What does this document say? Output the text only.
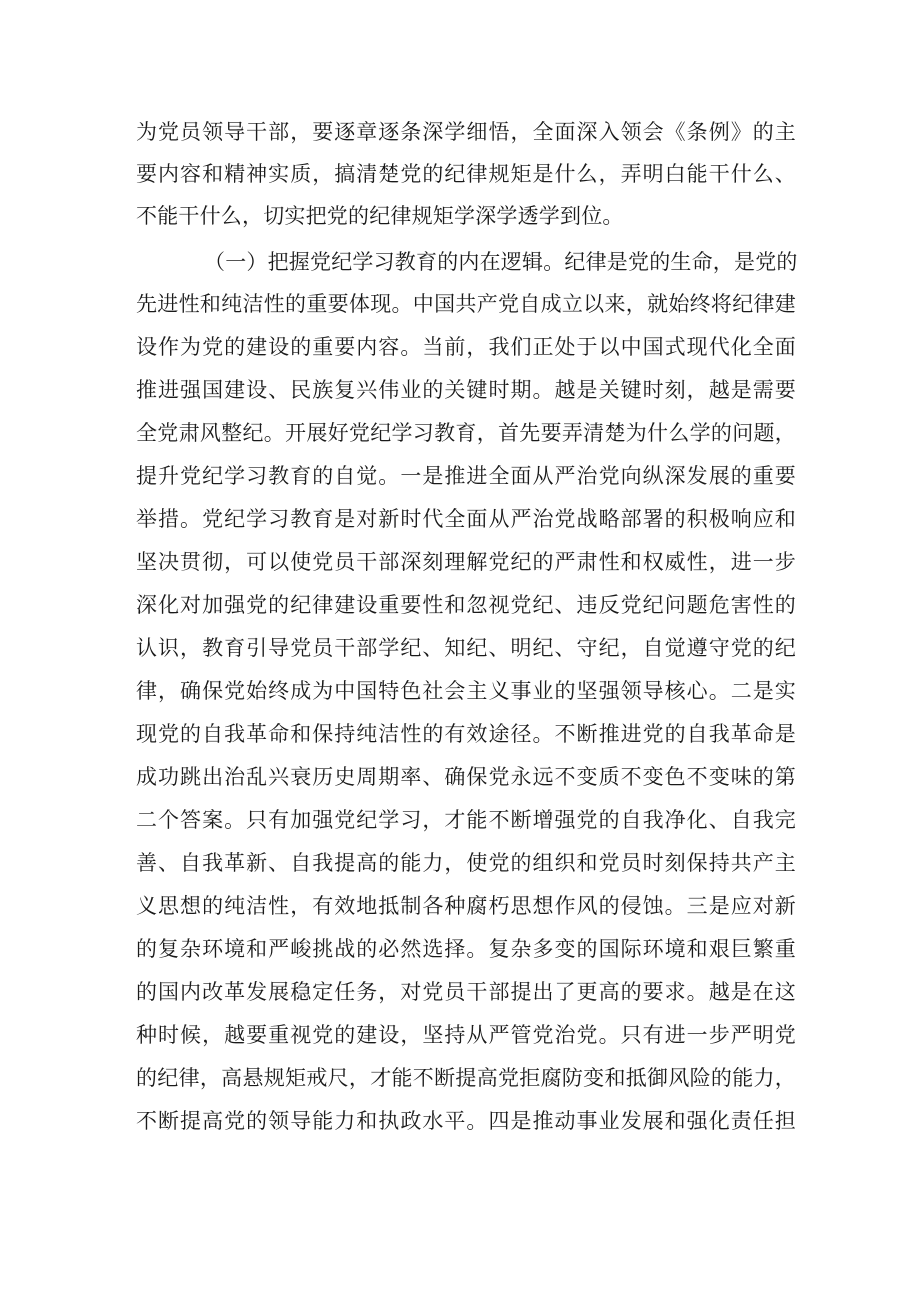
为党员领导干部，要逐章逐条深学细悟，全面深入领会《条例》的主
要内容和精神实质，搞清楚党的纪律规矩是什么，弄明白能干什么、
不能干什么，切实把党的纪律规矩学深学透学到位。
（一）把握党纪学习教育的内在逻辑。纪律是党的生命，是党的
先进性和纯洁性的重要体现。中国共产党自成立以来，就始终将纪律建
设作为党的建设的重要内容。当前，我们正处于以中国式现代化全面
推进强国建设、民族复兴伟业的关键时期。越是关键时刻，越是需要
全党肃风整纪。开展好党纪学习教育，首先要弄清楚为什么学的问题，
提升党纪学习教育的自觉。一是推进全面从严治党向纵深发展的重要
举措。党纪学习教育是对新时代全面从严治党战略部署的积极响应和
坚决贯彻，可以使党员干部深刻理解党纪的严肃性和权威性，进一步
深化对加强党的纪律建设重要性和忽视党纪、违反党纪问题危害性的
认识，教育引导党员干部学纪、知纪、明纪、守纪，自觉遵守党的纪
律，确保党始终成为中国特色社会主义事业的坚强领导核心。二是实
现党的自我革命和保持纯洁性的有效途径。不断推进党的自我革命是
成功跳出治乱兴衰历史周期率、确保党永远不变质不变色不变味的第
二个答案。只有加强党纪学习，才能不断增强党的自我净化、自我完
善、自我革新、自我提高的能力，使党的组织和党员时刻保持共产主
义思想的纯洁性，有效地抵制各种腐朽思想作风的侵蚀。三是应对新
的复杂环境和严峻挑战的必然选择。复杂多变的国际环境和艰巨繁重
的国内改革发展稳定任务，对党员干部提出了更高的要求。越是在这
种时候，越要重视党的建设，坚持从严管党治党。只有进一步严明党
的纪律，高悬规矩戒尺，才能不断提高党拒腐防变和抵御风险的能力，
不断提高党的领导能力和执政水平。四是推动事业发展和强化责任担
